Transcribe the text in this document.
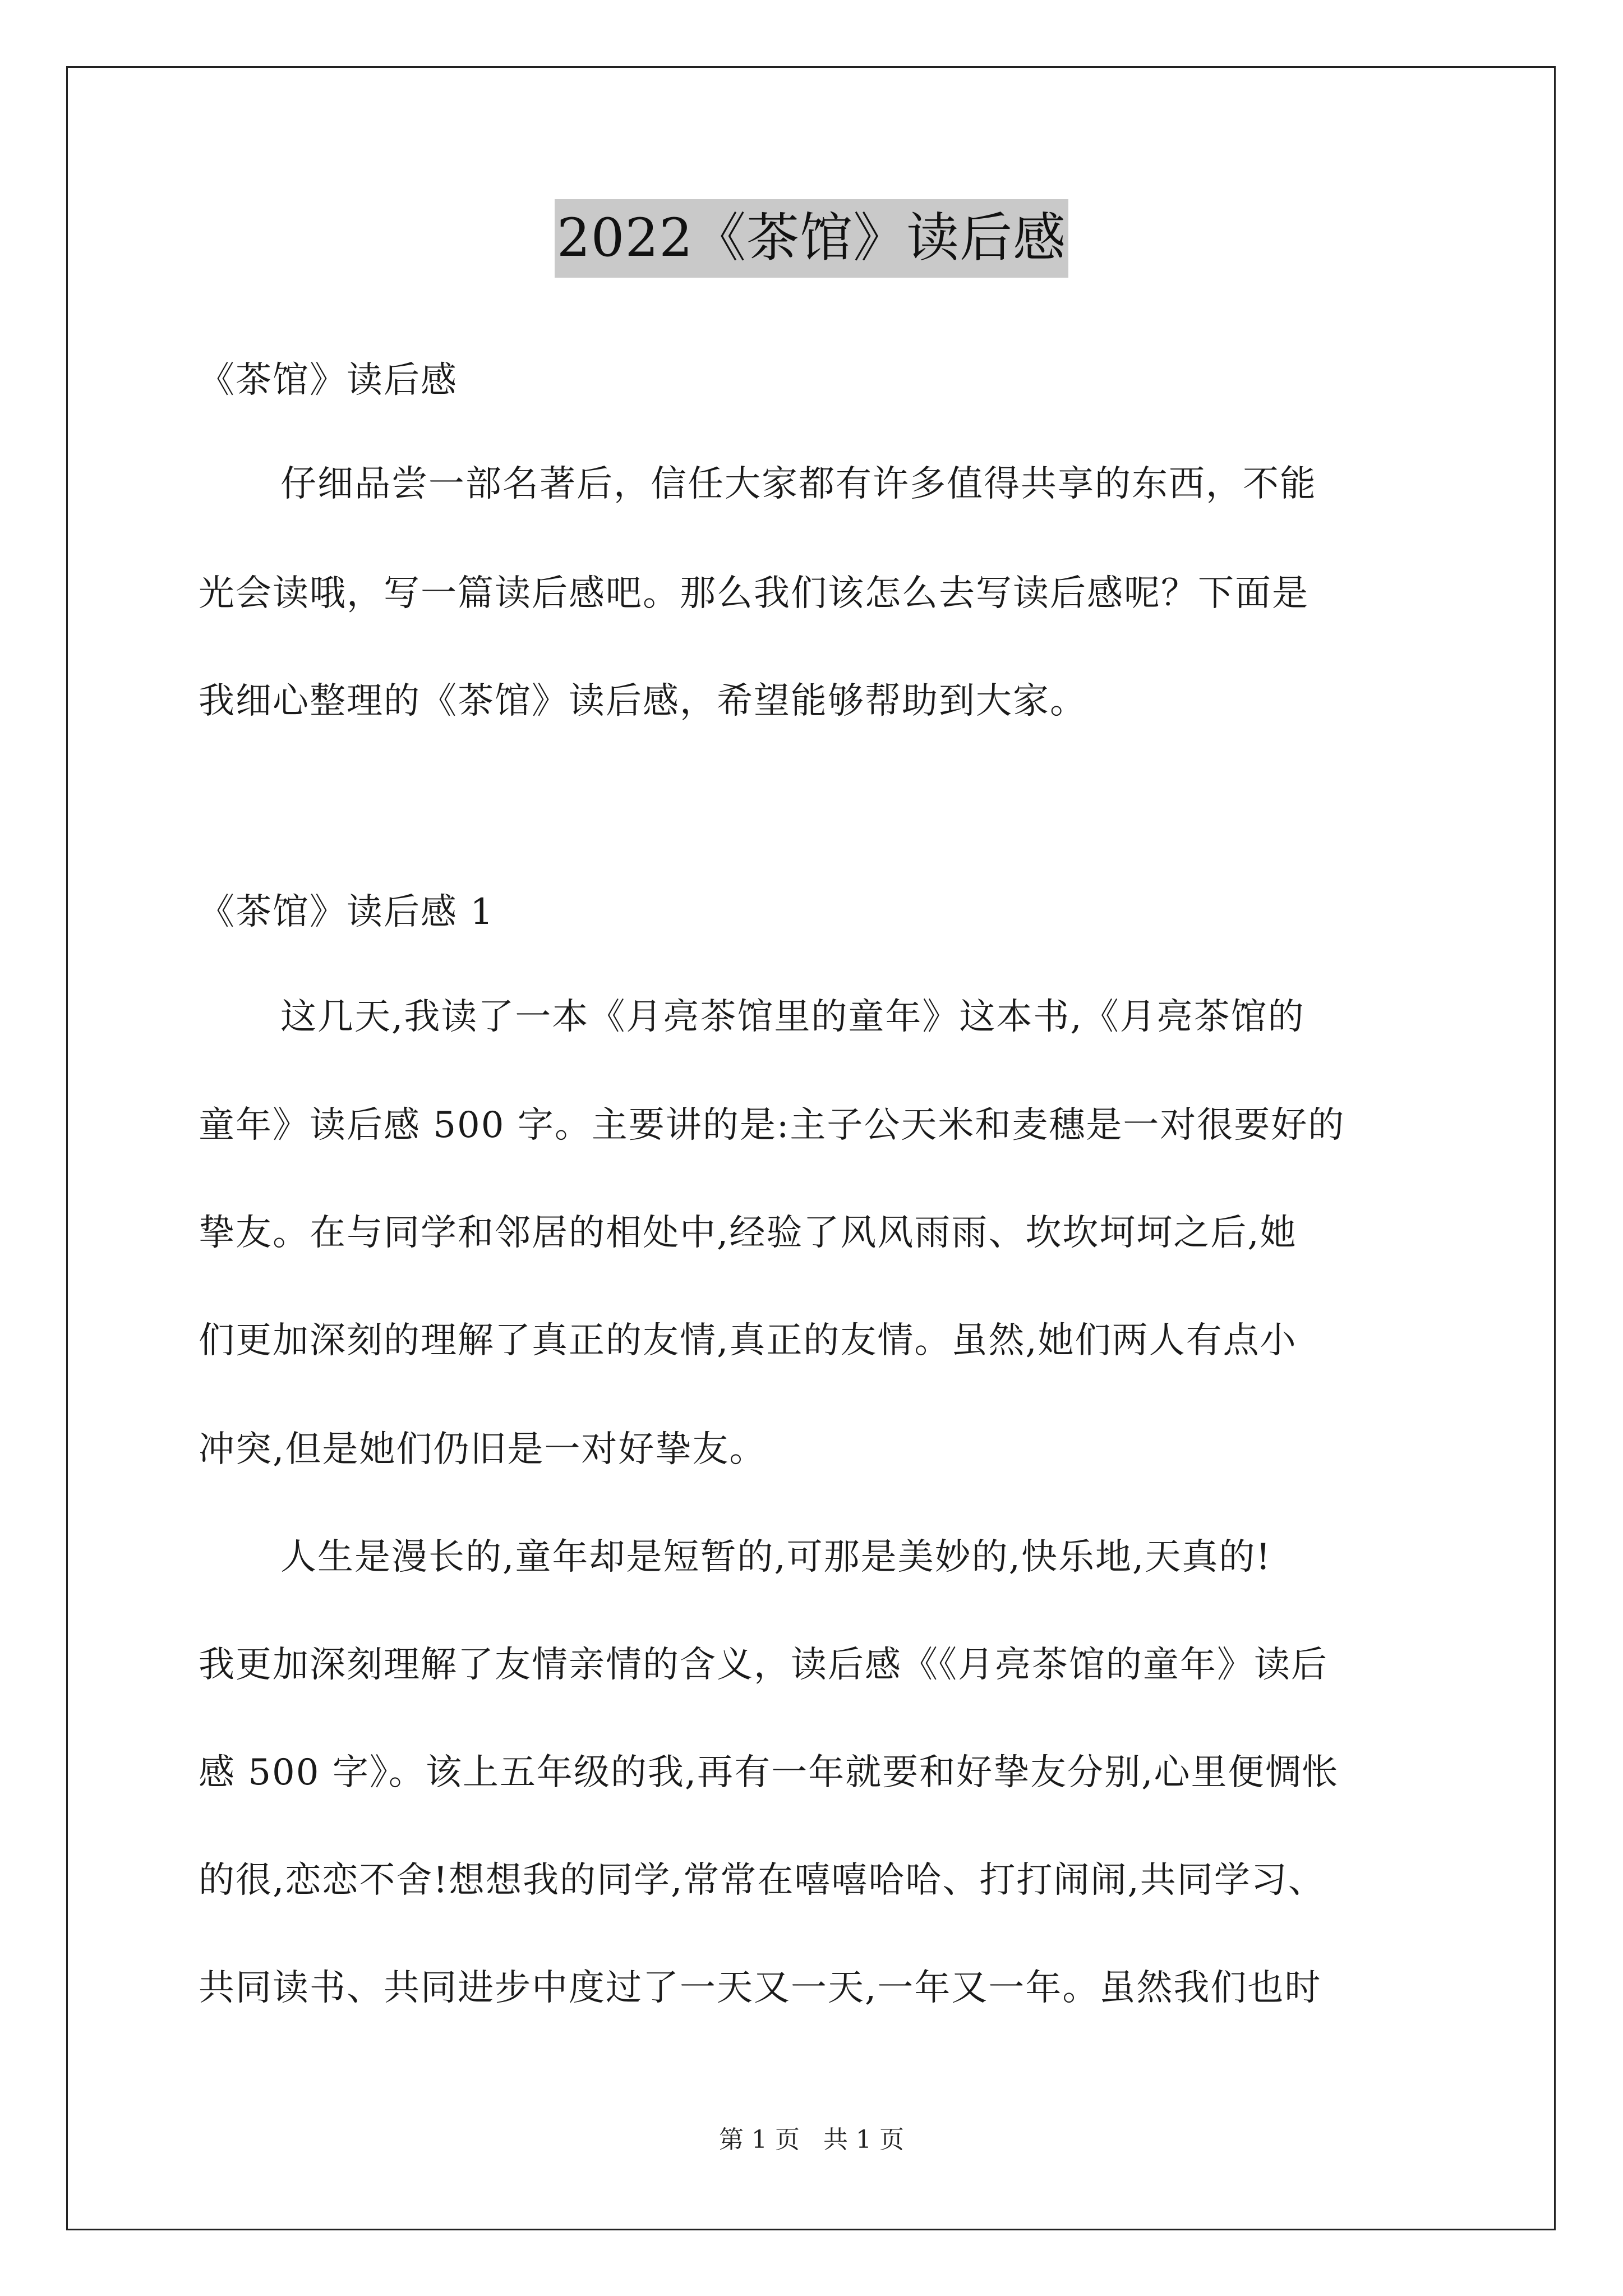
2022《茶馆》读后感
《茶馆》读后感
仔细品尝一部名著后，信任大家都有许多值得共享的东西，不能
光会读哦，写一篇读后感吧。那么我们该怎么去写读后感呢？下面是
我细心整理的《茶馆》读后感，希望能够帮助到大家。
《茶馆》读后感 1
这几天,我读了一本《月亮茶馆里的童年》这本书,《月亮茶馆的
童年》读后感 500 字。主要讲的是:主子公天米和麦穗是一对很要好的
挚友。在与同学和邻居的相处中,经验了风风雨雨、坎坎坷坷之后,她
们更加深刻的理解了真正的友情,真正的友情。虽然,她们两人有点小
冲突,但是她们仍旧是一对好挚友。
人生是漫长的,童年却是短暂的,可那是美妙的,快乐地,天真的!
我更加深刻理解了友情亲情的含义，读后感《《月亮茶馆的童年》读后
感 500 字》。该上五年级的我,再有一年就要和好挚友分别,心里便惆怅
的很,恋恋不舍!想想我的同学,常常在嘻嘻哈哈、打打闹闹,共同学习、
共同读书、共同进步中度过了一天又一天,一年又一年。虽然我们也时
第 1 页 共 1 页
